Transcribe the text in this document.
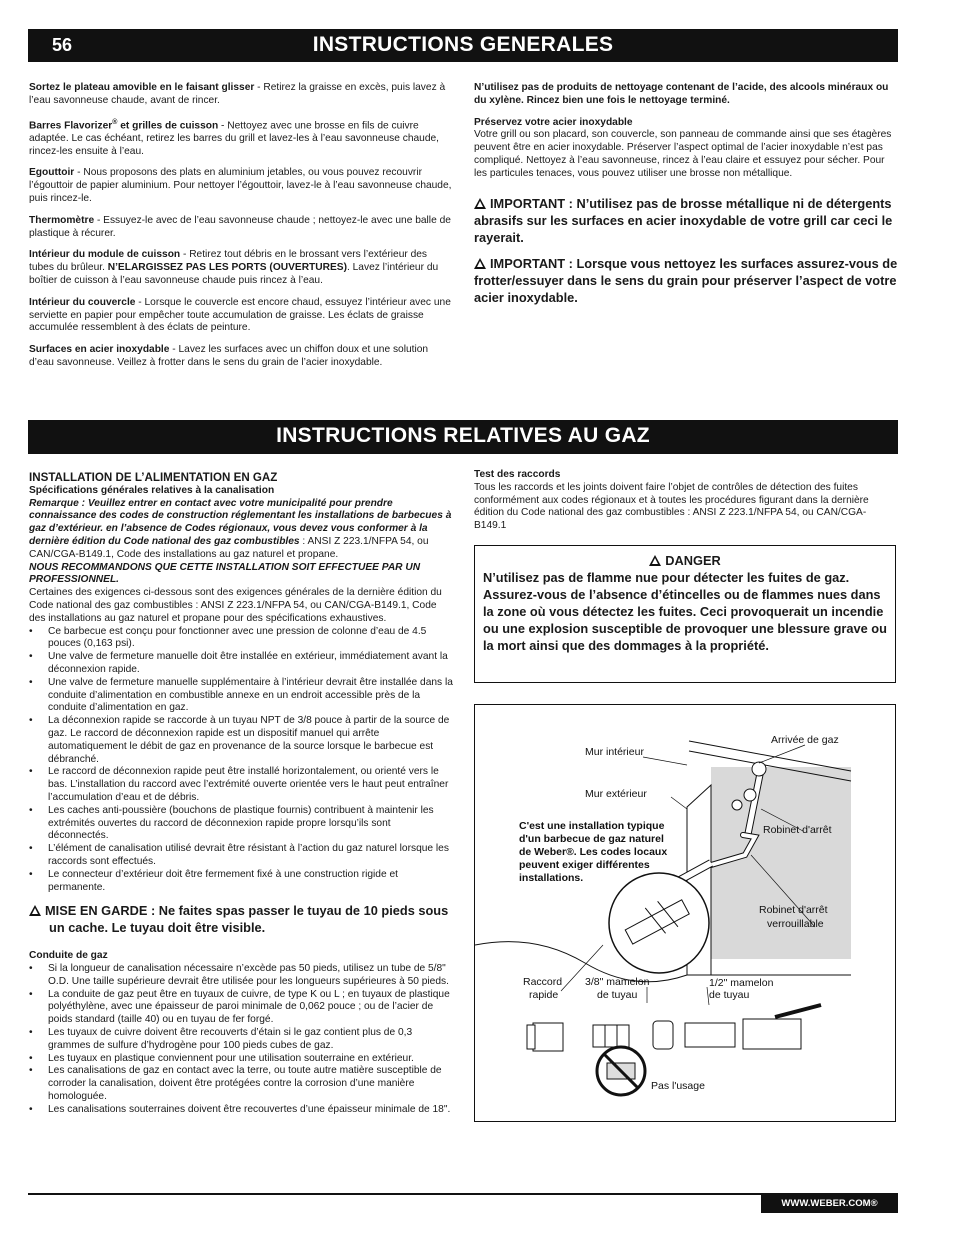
56	INSTRUCTIONS GENERALES

Sortez le plateau amovible en le faisant glisser - Retirez la graisse en excès, puis lavez à l’eau savonneuse chaude, avant de rincer.

Barres Flavorizer® et grilles de cuisson - Nettoyez avec une brosse en fils de cuivre adaptée. Le cas échéant, retirez les barres du grill et lavez-les à l’eau savonneuse chaude, rincez-les ensuite à l’eau.

Egouttoir - Nous proposons des plats en aluminium jetables, ou vous pouvez recouvrir l’égouttoir de papier aluminium. Pour nettoyer l’égouttoir, lavez-le à l’eau savonneuse chaude, puis rincez-le.

Thermomètre - Essuyez-le avec de l’eau savonneuse chaude ; nettoyez-le avec une balle de plastique à récurer.

Intérieur du module de cuisson - Retirez tout débris en le brossant vers l’extérieur des tubes du brûleur. N’ELARGISSEZ PAS LES PORTS (OUVERTURES). Lavez l’intérieur du boîtier de cuisson à l’eau savonneuse chaude puis rincez à l’eau.

Intérieur du couvercle - Lorsque le couvercle est encore chaud, essuyez l’intérieur avec une serviette en papier pour empêcher toute accumulation de graisse. Les éclats de graisse accumulée ressemblent à des éclats de peinture.

Surfaces en acier inoxydable - Lavez les surfaces avec un chiffon doux et une solution d’eau savonneuse. Veillez à frotter dans le sens du grain de l’acier inoxydable.

N’utilisez pas de produits de nettoyage contenant de l’acide, des alcools minéraux ou du xylène. Rincez bien une fois le nettoyage terminé.

Préservez votre acier inoxydable

Votre grill ou son placard, son couvercle, son panneau de commande ainsi que ses étagères peuvent être en acier inoxydable. Préserver l’aspect optimal de l’acier inoxydable n’est pas compliqué. Nettoyez à l’eau savonneuse, rincez à l’eau claire et essuyez pour sécher. Pour les particules tenaces, vous pouvez utiliser une brosse non métallique.

IMPORTANT : N’utilisez pas de brosse métallique ni de détergents abrasifs sur les surfaces en acier inoxydable de votre grill car ceci le rayerait.
IMPORTANT : Lorsque vous nettoyez les surfaces assurez-vous de frotter/essuyer dans le sens du grain pour préserver l’aspect de votre acier inoxydable.
INSTRUCTIONS RELATIVES AU GAZ
INSTALLATION DE L’ALIMENTATION EN GAZ
Spécifications générales relatives à la canalisation
Remarque : Veuillez entrer en contact avec votre municipalité pour prendre connaissance des codes de construction réglementant les installations de barbecues à gaz d’extérieur. en l’absence de Codes régionaux, vous devez vous conformer à la dernière édition du Code national des gaz combustibles : ANSI Z 223.1/NFPA 54, ou CAN/CGA-B149.1, Code des installations au gaz naturel et propane.
NOUS RECOMMANDONS QUE CETTE INSTALLATION SOIT EFFECTUEE PAR UN PROFESSIONNEL.
Certaines des exigences ci-dessous sont des exigences générales de la dernière édition du Code national des gaz combustibles : ANSI Z 223.1/NFPA 54, ou CAN/CGA-B149.1, Code des installations au gaz naturel et propane pour des spécifications exhaustives.
• Ce barbecue est conçu pour fonctionner avec une pression de colonne d’eau de 4.5 pouces (0,163 psi).
• Une valve de fermeture manuelle doit être installée en extérieur, immédiatement avant la déconnexion rapide.
• Une valve de fermeture manuelle supplémentaire à l’intérieur devrait être installée dans la conduite d’alimentation en combustible annexe en un endroit accessible près de la conduite d’alimentation en gaz.
• La déconnexion rapide se raccorde à un tuyau NPT de 3/8 pouce à partir de la source de gaz. Le raccord de déconnexion rapide est un dispositif manuel qui arrête automatiquement le débit de gaz en provenance de la source lorsque le barbecue est débranché.
• Le raccord de déconnexion rapide peut être installé horizontalement, ou orienté vers le bas. L’installation du raccord avec l’extrémité ouverte orientée vers le haut peut entraîner l’accumulation d’eau et de débris.
• Les caches anti-poussière (bouchons de plastique fournis) contribuent à maintenir les extrémités ouvertes du raccord de déconnexion rapide propre lorsqu’ils sont déconnectés.
• L’élément de canalisation utilisé devrait être résistant à l’action du gaz naturel lorsque les raccords sont effectués.
• Le connecteur d’extérieur doit être fermement fixé à une construction rigide et permanente.
MISE EN GARDE : Ne faites spas passer le tuyau de 10 pieds sous un cache. Le tuyau doit être visible.
Conduite de gaz
• Si la longueur de canalisation nécessaire n’excède pas 50 pieds, utilisez un tube de 5/8" O.D. Une taille supérieure devrait être utilisée pour les longueurs supérieures à 50 pieds.
• La conduite de gaz peut être en tuyaux de cuivre, de type K ou L ; en tuyaux de plastique polyéthylène, avec une épaisseur de paroi minimale de 0,062 pouce ; ou de l’acier de poids standard (taille 40) ou en tuyau de fer forgé.
• Les tuyaux de cuivre doivent être recouverts d’étain si le gaz contient plus de 0,3 grammes de sulfure d’hydrogène pour 100 pieds cubes de gaz.
• Les tuyaux en plastique conviennent pour une utilisation souterraine en extérieur.
• Les canalisations de gaz en contact avec la terre, ou toute autre matière susceptible de corroder la canalisation, doivent être protégées contre la corrosion d’une manière homologuée.
• Les canalisations souterraines doivent être recouvertes d’une épaisseur minimale de 18".
Test des raccords
Tous les raccords et les joints doivent faire l’objet de contrôles de détection des fuites conformément aux codes régionaux et à toutes les procédures figurant dans la dernière édition du Code national des gaz combustibles : ANSI Z 223.1/NFPA 54, ou CAN/CGA-B149.1
DANGER
N’utilisez pas de flamme nue pour détecter les fuites de gaz. Assurez-vous de l’absence d’étincelles ou de flammes nues dans la zone où vous détectez les fuites. Ceci provoquerait un incendie ou une explosion susceptible de provoquer une blessure grave ou la mort ainsi que des dommages à la propriété.
Mur intérieur
Arrivée de gaz
Mur extérieur
C'est une installation typique
d'un barbecue de gaz naturel
de Weber®. Les codes locaux
peuvent exiger différentes
installations.
Robinet d'arrêt
Robinet d'arrêt
verrouillable
Raccord
rapide
3/8" mamelon
de tuyau
1/2" mamelon
de tuyau
Pas l'usage
WWW.WEBER.COM®
